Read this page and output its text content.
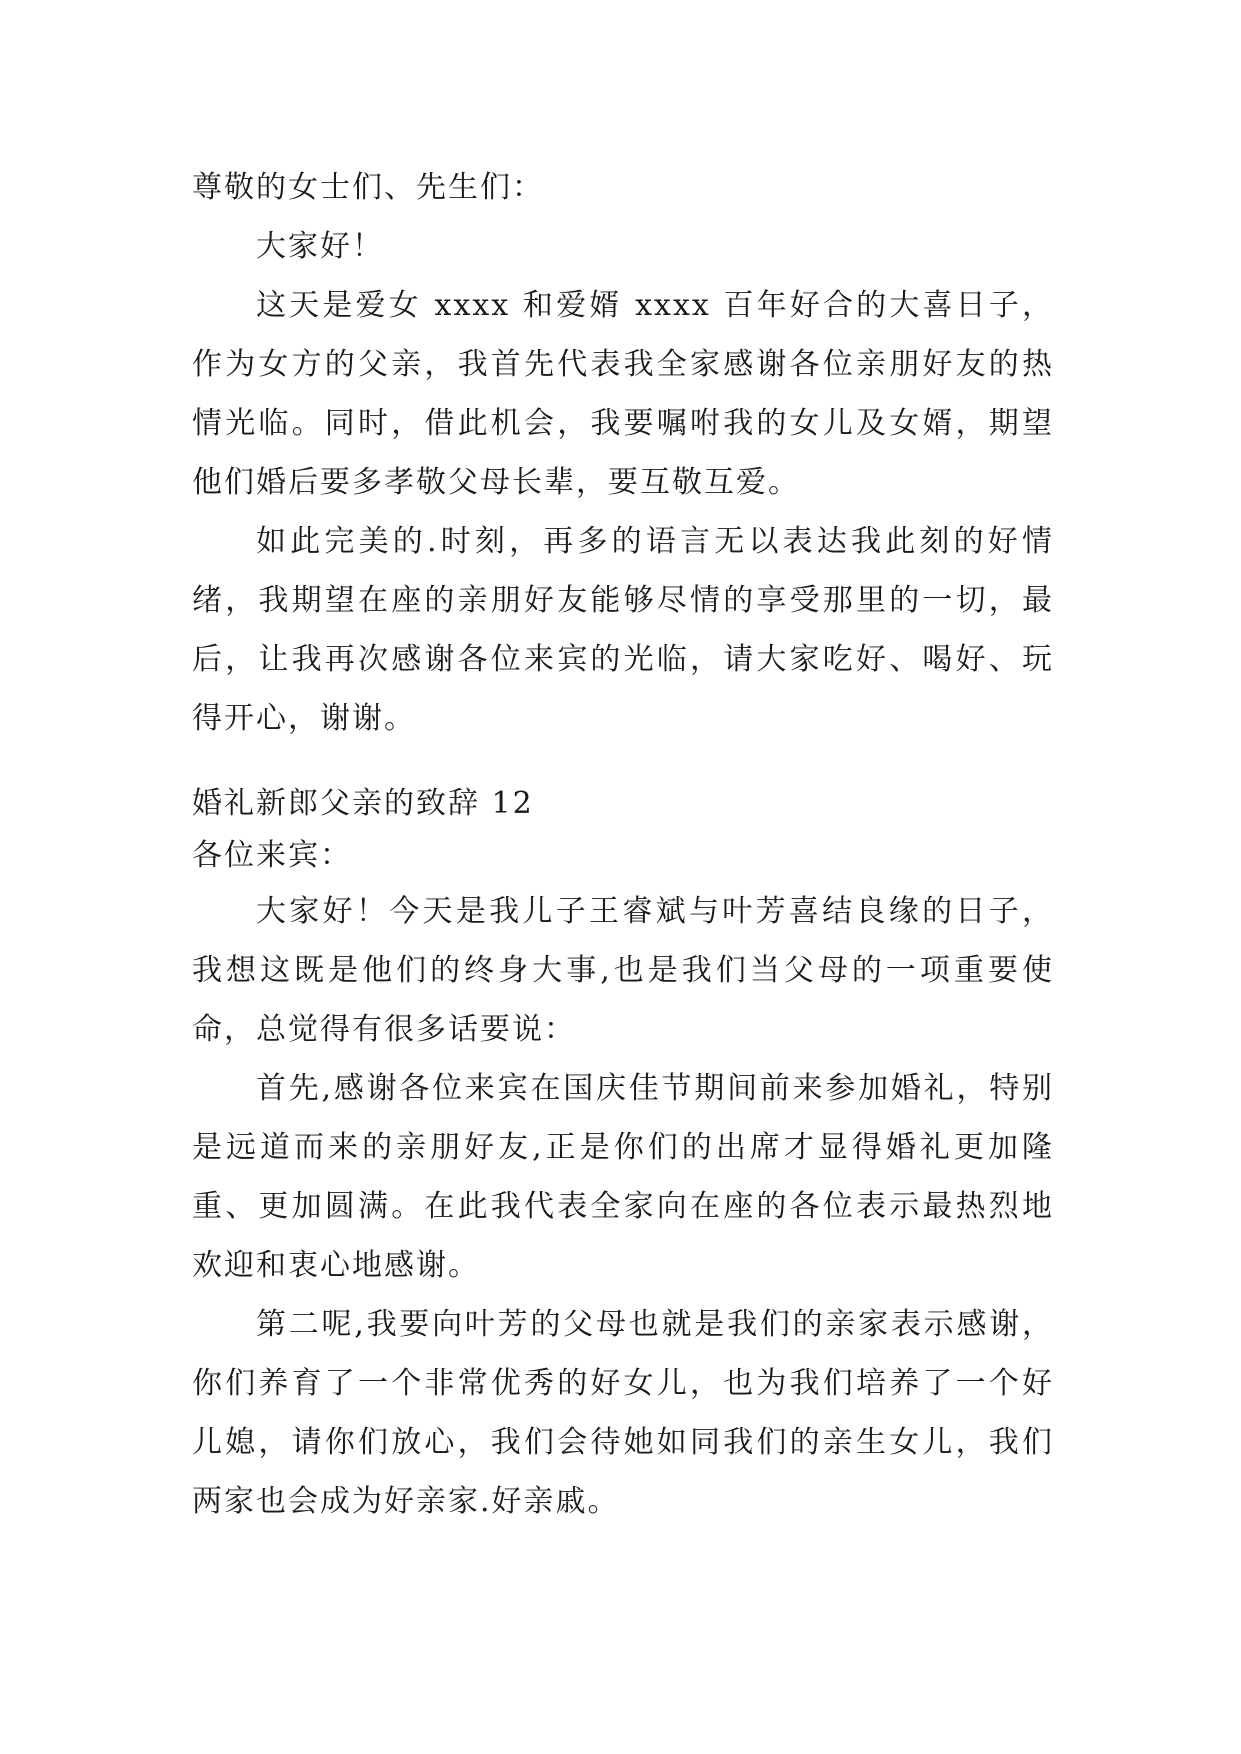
尊敬的女士们、先生们：

大家好！

这天是爱女 xxxx 和爱婿 xxxx 百年好合的大喜日子，作为女方的父亲，我首先代表我全家感谢各位亲朋好友的热情光临。同时，借此机会，我要嘱咐我的女儿及女婿，期望他们婚后要多孝敬父母长辈，要互敬互爱。

如此完美的.时刻，再多的语言无以表达我此刻的好情绪，我期望在座的亲朋好友能够尽情的享受那里的一切，最后，让我再次感谢各位来宾的光临，请大家吃好、喝好、玩得开心，谢谢。

婚礼新郎父亲的致辞 12

各位来宾：

大家好！今天是我儿子王睿斌与叶芳喜结良缘的日子，我想这既是他们的终身大事,也是我们当父母的一项重要使命，总觉得有很多话要说：

首先,感谢各位来宾在国庆佳节期间前来参加婚礼，特别是远道而来的亲朋好友,正是你们的出席才显得婚礼更加隆重、更加圆满。在此我代表全家向在座的各位表示最热烈地欢迎和衷心地感谢。

第二呢,我要向叶芳的父母也就是我们的亲家表示感谢，你们养育了一个非常优秀的好女儿，也为我们培养了一个好儿媳，请你们放心，我们会待她如同我们的亲生女儿，我们两家也会成为好亲家.好亲戚。
